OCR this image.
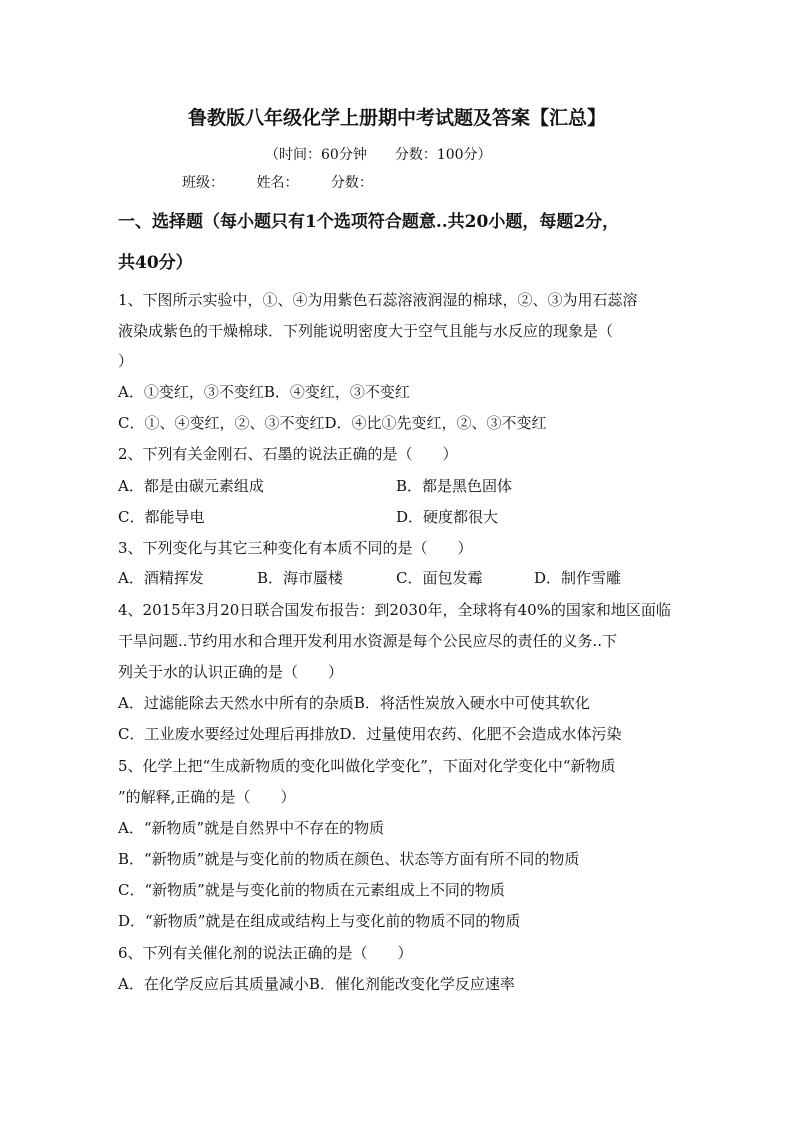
鲁教版八年级化学上册期中考试题及答案【汇总】
（时间：60分钟　　分数：100分）
班级： 姓名： 分数：
一、选择题（每小题只有1个选项符合题意..共20小题，每题2分，
共40分）
1、下图所示实验中，①、④为用紫色石蕊溶液润湿的棉球，②、③为用石蕊溶
液染成紫色的干燥棉球．下列能说明密度大于空气且能与水反应的现象是（
）
A．①变红，③不变红B．④变红，③不变红
C．①、④变红，②、③不变红D．④比①先变红，②、③不变红
2、下列有关金刚石、石墨的说法正确的是（　　）
A．都是由碳元素组成	B．都是黑色固体
C．都能导电	D．硬度都很大
3、下列变化与其它三种变化有本质不同的是（　　）
A．酒精挥发	B．海市蜃楼	C．面包发霉	D．制作雪雕
4、2015年3月20日联合国发布报告：到2030年，全球将有40%的国家和地区面临
干旱问题..节约用水和合理开发利用水资源是每个公民应尽的责任的义务..下
列关于水的认识正确的是（　　）
A．过滤能除去天然水中所有的杂质B．将活性炭放入硬水中可使其软化
C．工业废水要经过处理后再排放D．过量使用农药、化肥不会造成水体污染
5、化学上把“生成新物质的变化叫做化学变化”，下面对化学变化中“新物质
”的解释,正确的是（　　）
A．“新物质”就是自然界中不存在的物质
B．“新物质”就是与变化前的物质在颜色、状态等方面有所不同的物质
C．“新物质”就是与变化前的物质在元素组成上不同的物质
D．“新物质”就是在组成或结构上与变化前的物质不同的物质
6、下列有关催化剂的说法正确的是（　　）
A．在化学反应后其质量减小B．催化剂能改变化学反应速率
